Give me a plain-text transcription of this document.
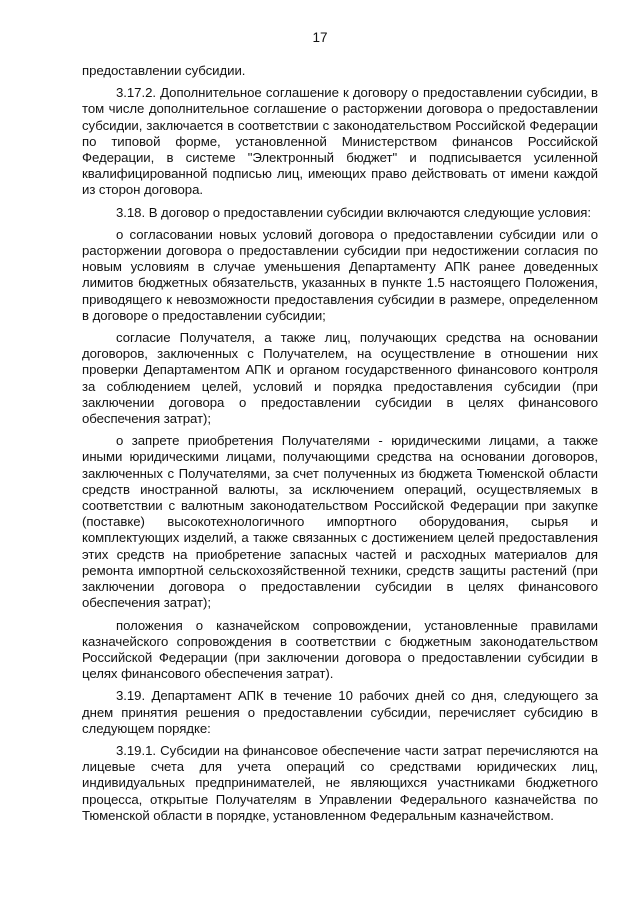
17

предоставлении субсидии.

3.17.2. Дополнительное соглашение к договору о предоставлении субсидии, в том числе дополнительное соглашение о расторжении договора о предоставлении субсидии, заключается в соответствии с законодательством Российской Федерации по типовой форме, установленной Министерством финансов Российской Федерации, в системе "Электронный бюджет" и подписывается усиленной квалифицированной подписью лиц, имеющих право действовать от имени каждой из сторон договора.

3.18. В договор о предоставлении субсидии включаются следующие условия:

о согласовании новых условий договора о предоставлении субсидии или о расторжении договора о предоставлении субсидии при недостижении согласия по новым условиям в случае уменьшения Департаменту АПК ранее доведенных лимитов бюджетных обязательств, указанных в пункте 1.5 настоящего Положения, приводящего к невозможности предоставления субсидии в размере, определенном в договоре о предоставлении субсидии;

согласие Получателя, а также лиц, получающих средства на основании договоров, заключенных с Получателем, на осуществление в отношении них проверки Департаментом АПК и органом государственного финансового контроля за соблюдением целей, условий и порядка предоставления субсидии (при заключении договора о предоставлении субсидии в целях финансового обеспечения затрат);

о запрете приобретения Получателями - юридическими лицами, а также иными юридическими лицами, получающими средства на основании договоров, заключенных с Получателями, за счет полученных из бюджета Тюменской области средств иностранной валюты, за исключением операций, осуществляемых в соответствии с валютным законодательством Российской Федерации при закупке (поставке) высокотехнологичного импортного оборудования, сырья и комплектующих изделий, а также связанных с достижением целей предоставления этих средств на приобретение запасных частей и расходных материалов для ремонта импортной сельскохозяйственной техники, средств защиты растений (при заключении договора о предоставлении субсидии в целях финансового обеспечения затрат);

положения о казначейском сопровождении, установленные правилами казначейского сопровождения в соответствии с бюджетным законодательством Российской Федерации (при заключении договора о предоставлении субсидии в целях финансового обеспечения затрат).

3.19. Департамент АПК в течение 10 рабочих дней со дня, следующего за днем принятия решения о предоставлении субсидии, перечисляет субсидию в следующем порядке:

3.19.1. Субсидии на финансовое обеспечение части затрат перечисляются на лицевые счета для учета операций со средствами юридических лиц, индивидуальных предпринимателей, не являющихся участниками бюджетного процесса, открытые Получателям в Управлении Федерального казначейства по Тюменской области в порядке, установленном Федеральным казначейством.
